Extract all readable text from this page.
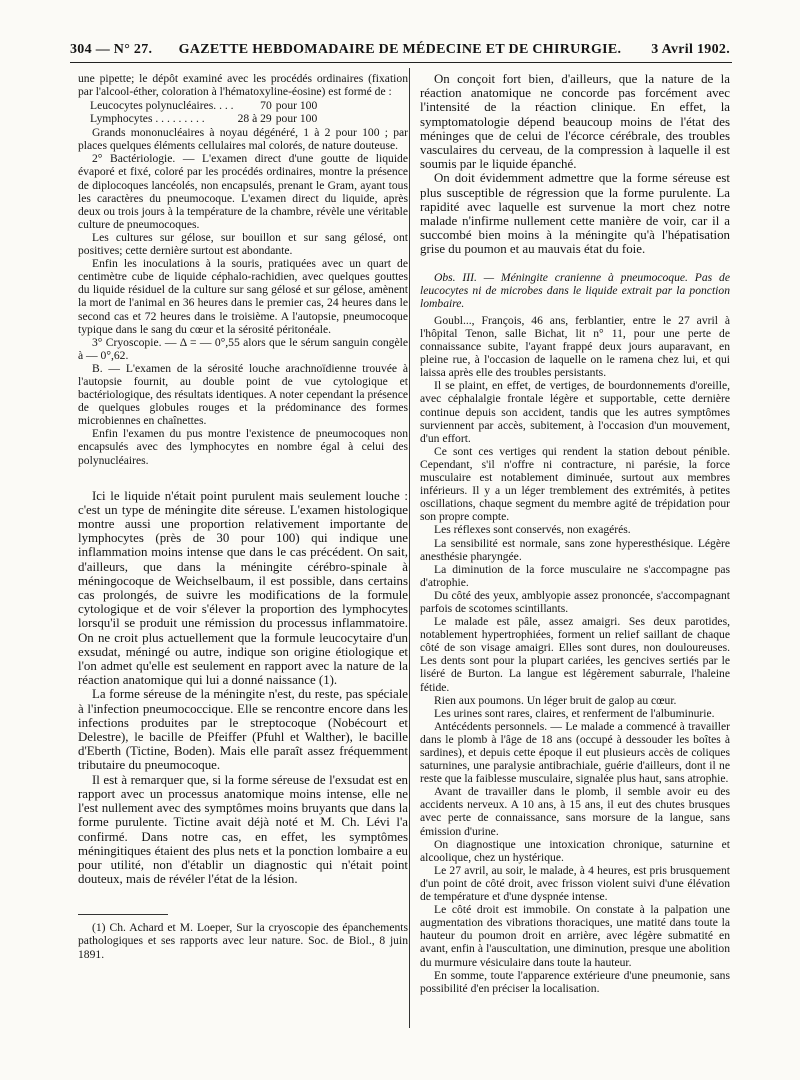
304 — N° 27.	GAZETTE HEBDOMADAIRE DE MÉDECINE ET DE CHIRURGIE.	3 Avril 1902.

une pipette; le dépôt examiné avec les procédés ordinaires (fixation par l'alcool-éther, coloration à l'hématoxyline-éosine) est formé de :

Leucocytes polynucléaires. . . .	70	pour 100
Lymphocytes . . . . . . . . .	28 à 29	pour 100

Grands mononucléaires à noyau dégénéré, 1 à 2 pour 100 ; par places quelques éléments cellulaires mal colorés, de nature douteuse.

2° Bactériologie. — L'examen direct d'une goutte de liquide évaporé et fixé, coloré par les procédés ordinaires, montre la présence de diplocoques lancéolés, non encapsulés, prenant le Gram, ayant tous les caractères du pneumocoque. L'examen direct du liquide, après deux ou trois jours à la température de la chambre, révèle une véritable culture de pneumocoques.

Les cultures sur gélose, sur bouillon et sur sang gélosé, ont positives; cette dernière surtout est abondante.

Enfin les inoculations à la souris, pratiquées avec un quart de centimètre cube de liquide céphalo-rachidien, avec quelques gouttes du liquide résiduel de la culture sur sang gélosé et sur gélose, amènent la mort de l'animal en 36 heures dans le premier cas, 24 heures dans le second cas et 72 heures dans le troisième. A l'autopsie, pneumocoque typique dans le sang du cœur et la sérosité péritonéale.

3° Cryoscopie. — Δ = — 0°,55 alors que le sérum sanguin congèle à — 0°,62.

B. — L'examen de la sérosité louche arachnoïdienne trouvée à l'autopsie fournit, au double point de vue cytologique et bactériologique, des résultats identiques. A noter cependant la présence de quelques globules rouges et la prédominance des formes microbiennes en chaînettes.

Enfin l'examen du pus montre l'existence de pneumocoques non encapsulés avec des lymphocytes en nombre égal à celui des polynucléaires.

Ici le liquide n'était point purulent mais seulement louche : c'est un type de méningite dite séreuse. L'examen histologique montre aussi une proportion relativement importante de lymphocytes (près de 30 pour 100) qui indique une inflammation moins intense que dans le cas précédent. On sait, d'ailleurs, que dans la méningite cérébro-spinale à méningocoque de Weichselbaum, il est possible, dans certains cas prolongés, de suivre les modifications de la formule cytologique et de voir s'élever la proportion des lymphocytes lorsqu'il se produit une rémission du processus inflammatoire. On ne croit plus actuellement que la formule leucocytaire d'un exsudat, méningé ou autre, indique son origine étiologique et l'on admet qu'elle est seulement en rapport avec la nature de la réaction anatomique qui lui a donné naissance (1).

La forme séreuse de la méningite n'est, du reste, pas spéciale à l'infection pneumococcique. Elle se rencontre encore dans les infections produites par le streptocoque (Nobécourt et Delestre), le bacille de Pfeiffer (Pfuhl et Walther), le bacille d'Eberth (Tictine, Boden). Mais elle paraît assez fréquemment tributaire du pneumocoque.

Il est à remarquer que, si la forme séreuse de l'exsudat est en rapport avec un processus anatomique moins intense, elle ne l'est nullement avec des symptômes moins bruyants que dans la forme purulente. Tictine avait déjà noté et M. Ch. Lévi l'a confirmé. Dans notre cas, en effet, les symptômes méningitiques étaient des plus nets et la ponction lombaire a eu pour utilité, non d'établir un diagnostic qui n'était point douteux, mais de révéler l'état de la lésion.

(1) Ch. Achard et M. Loeper, Sur la cryoscopie des épanchements pathologiques et ses rapports avec leur nature. Soc. de Biol., 8 juin 1891.

On conçoit fort bien, d'ailleurs, que la nature de la réaction anatomique ne concorde pas forcément avec l'intensité de la réaction clinique. En effet, la symptomatologie dépend beaucoup moins de l'état des méninges que de celui de l'écorce cérébrale, des troubles vasculaires du cerveau, de la compression à laquelle il est soumis par le liquide épanché.

On doit évidemment admettre que la forme séreuse est plus susceptible de régression que la forme purulente. La rapidité avec laquelle est survenue la mort chez notre malade n'infirme nullement cette manière de voir, car il a succombé bien moins à la méningite qu'à l'hépatisation grise du poumon et au mauvais état du foie.

Obs. III. — Méningite cranienne à pneumocoque. Pas de leucocytes ni de microbes dans le liquide extrait par la ponction lombaire.

Goubl..., François, 46 ans, ferblantier, entre le 27 avril à l'hôpital Tenon, salle Bichat, lit n° 11, pour une perte de connaissance subite, l'ayant frappé deux jours auparavant, en pleine rue, à l'occasion de laquelle on le ramena chez lui, et qui laissa après elle des troubles persistants.

Il se plaint, en effet, de vertiges, de bourdonnements d'oreille, avec céphalalgie frontale légère et supportable, cette dernière continue depuis son accident, tandis que les autres symptômes surviennent par accès, subitement, à l'occasion d'un mouvement, d'un effort.

Ce sont ces vertiges qui rendent la station debout pénible. Cependant, s'il n'offre ni contracture, ni parésie, la force musculaire est notablement diminuée, surtout aux membres inférieurs. Il y a un léger tremblement des extrémités, à petites oscillations, chaque segment du membre agité de trépidation pour son propre compte.

Les réflexes sont conservés, non exagérés.

La sensibilité est normale, sans zone hyperesthésique. Légère anesthésie pharyngée.

La diminution de la force musculaire ne s'accompagne pas d'atrophie.

Du côté des yeux, amblyopie assez prononcée, s'accompagnant parfois de scotomes scintillants.

Le malade est pâle, assez amaigri. Ses deux parotides, notablement hypertrophiées, forment un relief saillant de chaque côté de son visage amaigri. Elles sont dures, non douloureuses. Les dents sont pour la plupart cariées, les gencives sertiés par le liséré de Burton. La langue est légèrement saburrale, l'haleine fétide.

Rien aux poumons. Un léger bruit de galop au cœur.

Les urines sont rares, claires, et renferment de l'albuminurie.

Antécédents personnels. — Le malade a commencé à travailler dans le plomb à l'âge de 18 ans (occupé à dessouder les boîtes à sardines), et depuis cette époque il eut plusieurs accès de coliques saturnines, une paralysie antibrachiale, guérie d'ailleurs, dont il ne reste que la faiblesse musculaire, signalée plus haut, sans atrophie.

Avant de travailler dans le plomb, il semble avoir eu des accidents nerveux. A 10 ans, à 15 ans, il eut des chutes brusques avec perte de connaissance, sans morsure de la langue, sans émission d'urine.

On diagnostique une intoxication chronique, saturnine et alcoolique, chez un hystérique.

Le 27 avril, au soir, le malade, à 4 heures, est pris brusquement d'un point de côté droit, avec frisson violent suivi d'une élévation de température et d'une dyspnée intense.

Le côté droit est immobile. On constate à la palpation une augmentation des vibrations thoraciques, une matité dans toute la hauteur du poumon droit en arrière, avec légère submatité en avant, enfin à l'auscultation, une diminution, presque une abolition du murmure vésiculaire dans toute la hauteur.

En somme, toute l'apparence extérieure d'une pneumonie, sans possibilité d'en préciser la localisation.
